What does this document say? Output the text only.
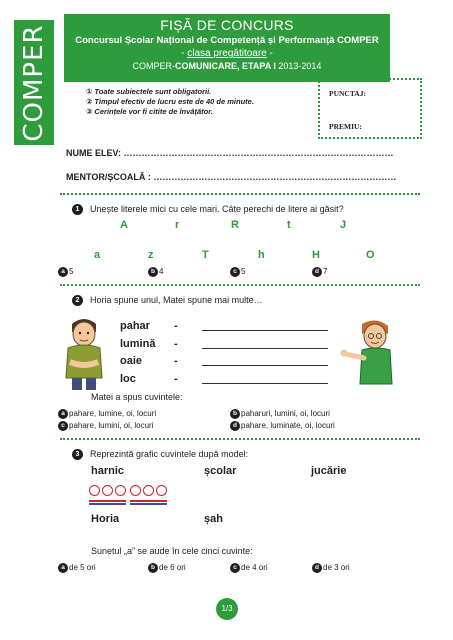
COMPER	FIȘĂ DE CONCURS
Concursul Școlar Național de Competență și Performanță COMPER
- clasa pregătitoare -
COMPER-COMUNICARE, ETAPA I 2013-2014
① Toate subiectele sunt obligatorii.
② Timpul efectiv de lucru este de 40 de minute.
③ Cerințele vor fi citite de învățător.
PUNCTAJ:
PREMIU:
NUME ELEV: ………………………………………………………………………………
MENTOR/ȘCOALĂ : ………………………………………………………………………
1	Unește literele mici cu cele mari. Câte perechi de litere ai găsit?
A	r	R	t	J
a	z	T	h	H	O
a 5	b 4	c 5	d 7
2	Horia spune unul, Matei spune mai multe…
pahar -
lumină -
oaie	-
loc	-
Matei a spus cuvintele:
a pahare, lumine, oi, locuri	b paharuri, lumini, oi, locuri
c pahare, lumini, oi, locuri	d pahare, luminate, oi, locuri
3	Reprezintă grafic cuvintele după model:
harnic	școlar	jucărie
Horia	șah
Sunetul „a” se aude în cele cinci cuvinte:
a de 5 ori	b de 6 ori	c de 4 ori	d de 3 ori
1/3
